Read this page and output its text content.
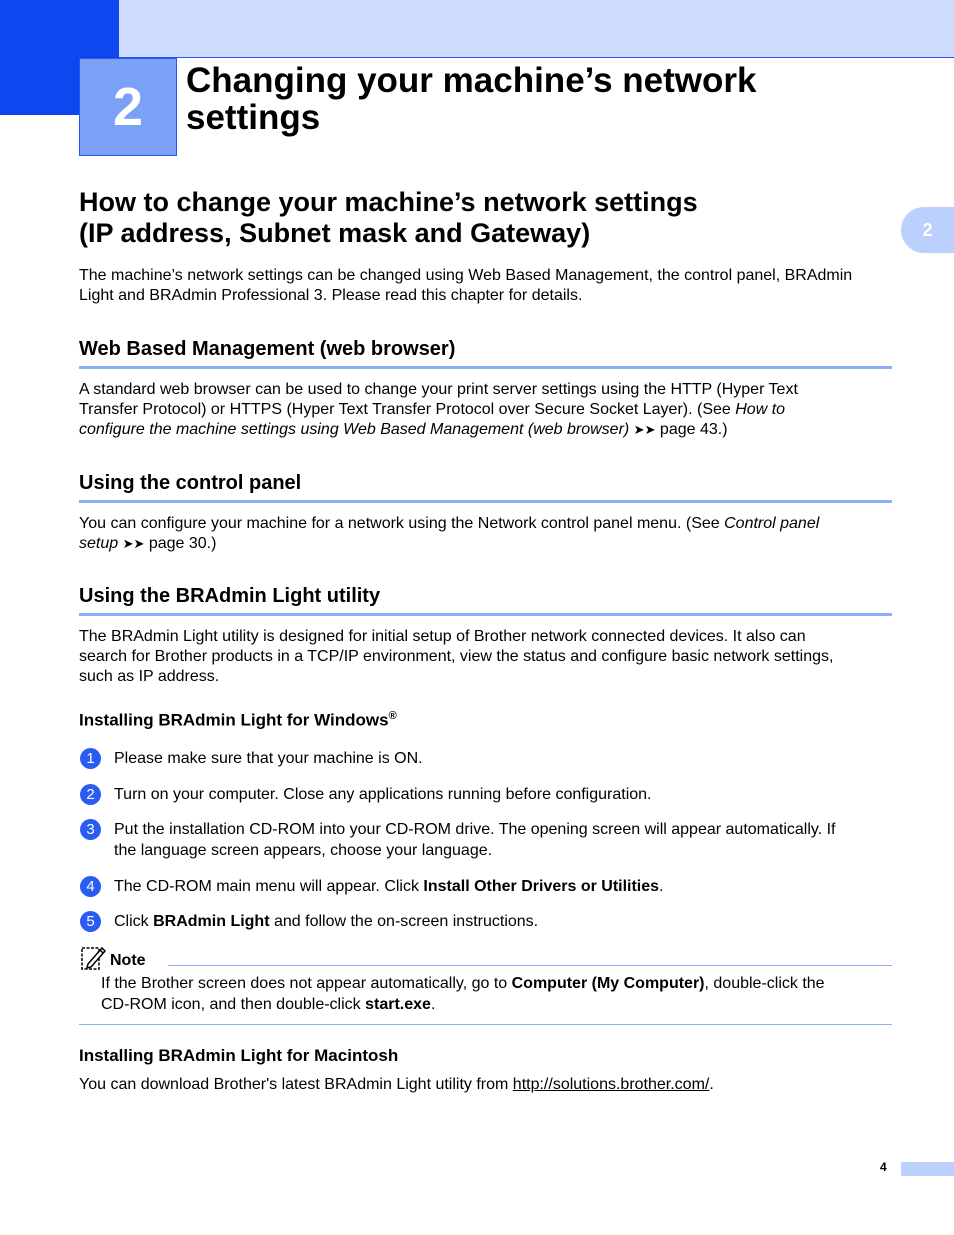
2	Changing your machine’s network
settings
2
How to change your machine’s network settings
(IP address, Subnet mask and Gateway)
The machine’s network settings can be changed using Web Based Management, the control panel, BRAdmin
Light and BRAdmin Professional 3. Please read this chapter for details.
Web Based Management (web browser)
A standard web browser can be used to change your print server settings using the HTTP (Hyper Text
Transfer Protocol) or HTTPS (Hyper Text Transfer Protocol over Secure Socket Layer). (See How to
configure the machine settings using Web Based Management (web browser) ➤➤ page 43.)
Using the control panel
You can configure your machine for a network using the Network control panel menu. (See Control panel
setup ➤➤ page 30.)
Using the BRAdmin Light utility
The BRAdmin Light utility is designed for initial setup of Brother network connected devices. It also can
search for Brother products in a TCP/IP environment, view the status and configure basic network settings,
such as IP address.
Installing BRAdmin Light for Windows®
1	Please make sure that your machine is ON.
2	Turn on your computer. Close any applications running before configuration.
3	Put the installation CD-ROM into your CD-ROM drive. The opening screen will appear automatically. If
the language screen appears, choose your language.
4	The CD-ROM main menu will appear. Click Install Other Drivers or Utilities.
5	Click BRAdmin Light and follow the on-screen instructions.
Note
If the Brother screen does not appear automatically, go to Computer (My Computer), double-click the
CD-ROM icon, and then double-click start.exe.
Installing BRAdmin Light for Macintosh
You can download Brother's latest BRAdmin Light utility from http://solutions.brother.com/.
4
